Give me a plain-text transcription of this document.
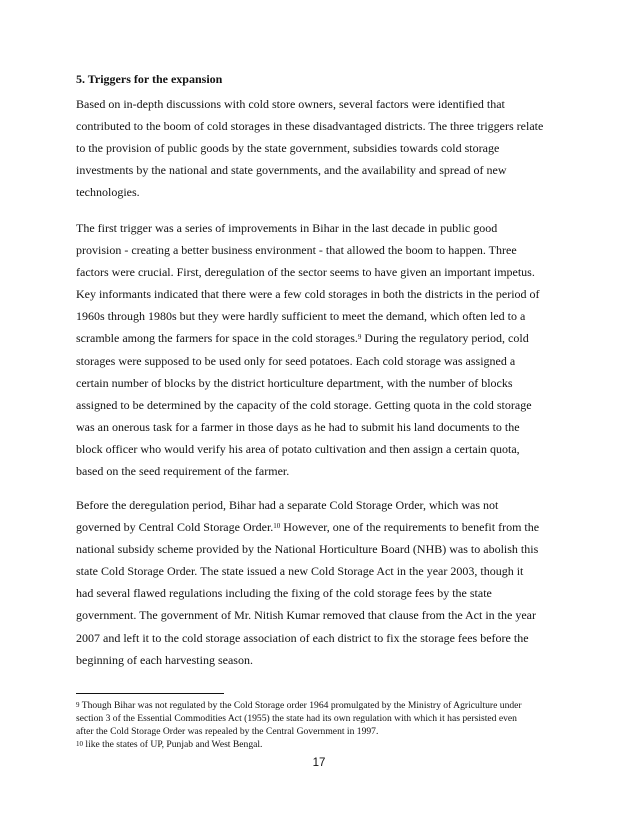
5. Triggers for the expansion
Based on in-depth discussions with cold store owners, several factors were identified that
contributed to the boom of cold storages in these disadvantaged districts. The three triggers relate
to the provision of public goods by the state government, subsidies towards cold storage
investments by the national and state governments, and the availability and spread of new
technologies.
The first trigger was a series of improvements in Bihar in the last decade in public good
provision - creating a better business environment - that allowed the boom to happen. Three
factors were crucial. First, deregulation of the sector seems to have given an important impetus.
Key informants indicated that there were a few cold storages in both the districts in the period of
1960s through 1980s but they were hardly sufficient to meet the demand, which often led to a
scramble among the farmers for space in the cold storages.$^9$ During the regulatory period, cold
storages were supposed to be used only for seed potatoes. Each cold storage was assigned a
certain number of blocks by the district horticulture department, with the number of blocks
assigned to be determined by the capacity of the cold storage. Getting quota in the cold storage
was an onerous task for a farmer in those days as he had to submit his land documents to the
block officer who would verify his area of potato cultivation and then assign a certain quota,
based on the seed requirement of the farmer.
Before the deregulation period, Bihar had a separate Cold Storage Order, which was not
governed by Central Cold Storage Order.$^{10}$ However, one of the requirements to benefit from the
national subsidy scheme provided by the National Horticulture Board (NHB) was to abolish this
state Cold Storage Order. The state issued a new Cold Storage Act in the year 2003, though it
had several flawed regulations including the fixing of the cold storage fees by the state
government. The government of Mr. Nitish Kumar removed that clause from the Act in the year
2007 and left it to the cold storage association of each district to fix the storage fees before the
beginning of each harvesting season.
$^9$ Though Bihar was not regulated by the Cold Storage order 1964 promulgated by the Ministry of Agriculture under
section 3 of the Essential Commodities Act (1955) the state had its own regulation with which it has persisted even
after the Cold Storage Order was repealed by the Central Government in 1997.
$^{10}$ like the states of UP, Punjab and West Bengal.
17
